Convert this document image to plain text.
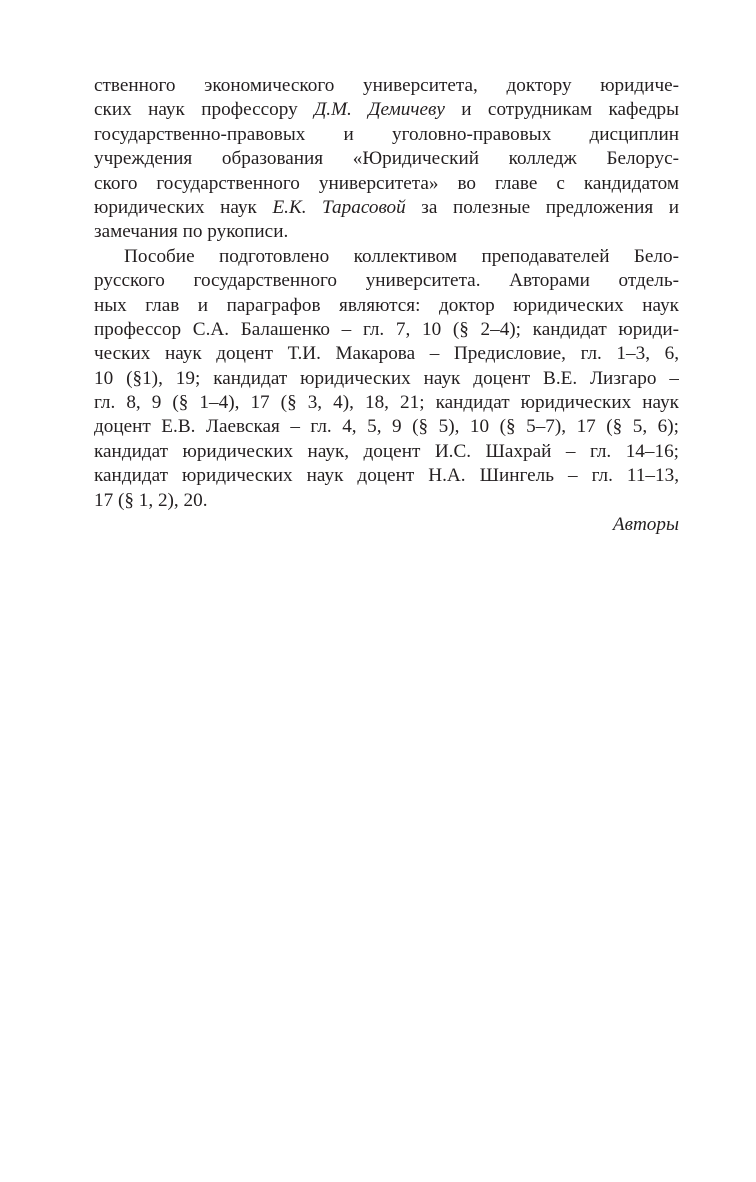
ственного экономического университета, доктору юридиче-
ских наук профессору Д.М. Демичеву и сотрудникам кафедры
государственно-правовых и уголовно-правовых дисциплин
учреждения образования «Юридический колледж Белорус-
ского государственного университета» во главе с кандидатом
юридических наук Е.К. Тарасовой за полезные предложения и
замечания по рукописи.
Пособие подготовлено коллективом преподавателей Бело-
русского государственного университета. Авторами отдель-
ных глав и параграфов являются: доктор юридических наук
профессор С.А. Балашенко – гл. 7, 10 (§ 2–4); кандидат юриди-
ческих наук доцент Т.И. Макарова – Предисловие, гл. 1–3, 6,
10 (§1), 19; кандидат юридических наук доцент В.Е. Лизгаро –
гл. 8, 9 (§ 1–4), 17 (§ 3, 4), 18, 21; кандидат юридических наук
доцент Е.В. Лаевская – гл. 4, 5, 9 (§ 5), 10 (§ 5–7), 17 (§ 5, 6);
кандидат юридических наук, доцент И.С. Шахрай – гл. 14–16;
кандидат юридических наук доцент Н.А. Шингель – гл. 11–13,
17 (§ 1, 2), 20.
Авторы
